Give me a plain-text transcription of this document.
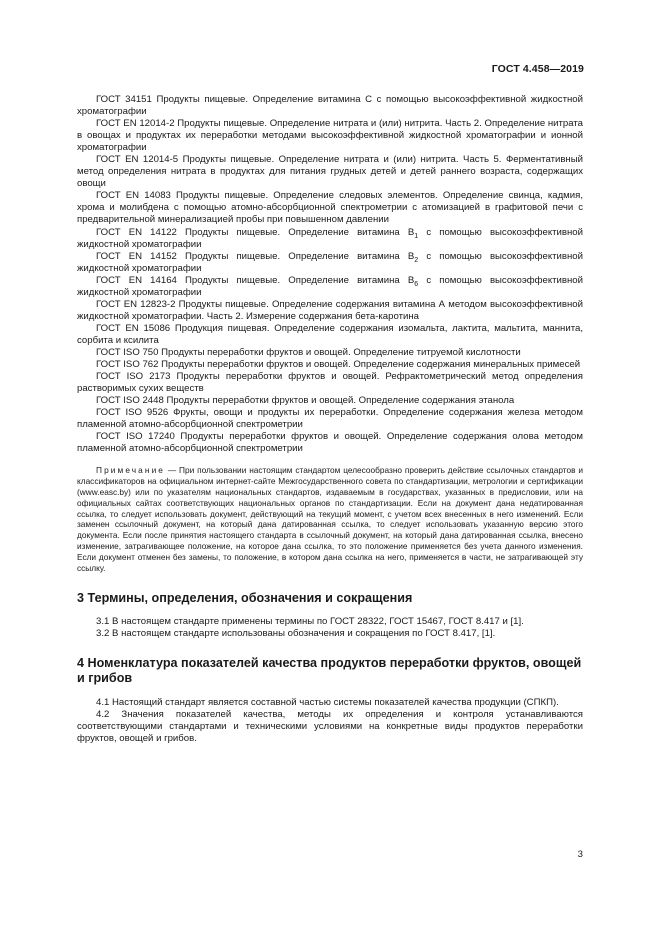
ГОСТ 4.458—2019

ГОСТ 34151 Продукты пищевые. Определение витамина С с помощью высокоэффективной жидкостной хроматографии

ГОСТ EN 12014-2 Продукты пищевые. Определение нитрата и (или) нитрита. Часть 2. Определение нитрата в овощах и продуктах их переработки методами высокоэффективной жидкостной хроматографии и ионной хроматографии

ГОСТ EN 12014-5 Продукты пищевые. Определение нитрата и (или) нитрита. Часть 5. Ферментативный метод определения нитрата в продуктах для питания грудных детей и детей раннего возраста, содержащих овощи

ГОСТ EN 14083 Продукты пищевые. Определение следовых элементов. Определение свинца, кадмия, хрома и молибдена с помощью атомно-абсорбционной спектрометрии с атомизацией в графитовой печи с предварительной минерализацией пробы при повышенном давлении

ГОСТ EN 14122 Продукты пищевые. Определение витамина $B_1$ с помощью высокоэффективной жидкостной хроматографии

ГОСТ EN 14152 Продукты пищевые. Определение витамина $B_2$ с помощью высокоэффективной жидкостной хроматографии

ГОСТ EN 14164 Продукты пищевые. Определение витамина $B_6$ с помощью высокоэффективной жидкостной хроматографии

ГОСТ EN 12823-2 Продукты пищевые. Определение содержания витамина А методом высокоэффективной жидкостной хроматографии. Часть 2. Измерение содержания бета-каротина

ГОСТ EN 15086 Продукция пищевая. Определение содержания изомальта, лактита, мальтита, маннита, сорбита и ксилита

ГОСТ ISO 750 Продукты переработки фруктов и овощей. Определение титруемой кислотности

ГОСТ ISO 762 Продукты переработки фруктов и овощей. Определение содержания минеральных примесей

ГОСТ ISO 2173 Продукты переработки фруктов и овощей. Рефрактометрический метод определения растворимых сухих веществ

ГОСТ ISO 2448 Продукты переработки фруктов и овощей. Определение содержания этанола

ГОСТ ISO 9526 Фрукты, овощи и продукты их переработки. Определение содержания железа методом пламенной атомно-абсорбционной спектрометрии

ГОСТ ISO 17240 Продукты переработки фруктов и овощей. Определение содержания олова методом пламенной атомно-абсорбционной спектрометрии

Примечание — При пользовании настоящим стандартом целесообразно проверить действие ссылочных стандартов и классификаторов на официальном интернет-сайте Межгосударственного совета по стандартизации, метрологии и сертификации (www.easc.by) или по указателям национальных стандартов, издаваемым в государствах, указанных в предисловии, или на официальных сайтах соответствующих национальных органов по стандартизации. Если на документ дана недатированная ссылка, то следует использовать документ, действующий на текущий момент, с учетом всех внесенных в него изменений. Если заменен ссылочный документ, на который дана датированная ссылка, то следует использовать указанную версию этого документа. Если после принятия настоящего стандарта в ссылочный документ, на который дана датированная ссылка, внесено изменение, затрагивающее положение, на которое дана ссылка, то это положение применяется без учета данного изменения. Если документ отменен без замены, то положение, в котором дана ссылка на него, применяется в части, не затрагивающей эту ссылку.

3 Термины, определения, обозначения и сокращения

3.1 В настоящем стандарте применены термины по ГОСТ 28322, ГОСТ 15467, ГОСТ 8.417 и [1].

3.2 В настоящем стандарте использованы обозначения и сокращения по ГОСТ 8.417, [1].

4 Номенклатура показателей качества продуктов переработки фруктов, овощей и грибов

4.1 Настоящий стандарт является составной частью системы показателей качества продукции (СПКП).

4.2 Значения показателей качества, методы их определения и контроля устанавливаются соответствующими стандартами и техническими условиями на конкретные виды продуктов переработки фруктов, овощей и грибов.

3
